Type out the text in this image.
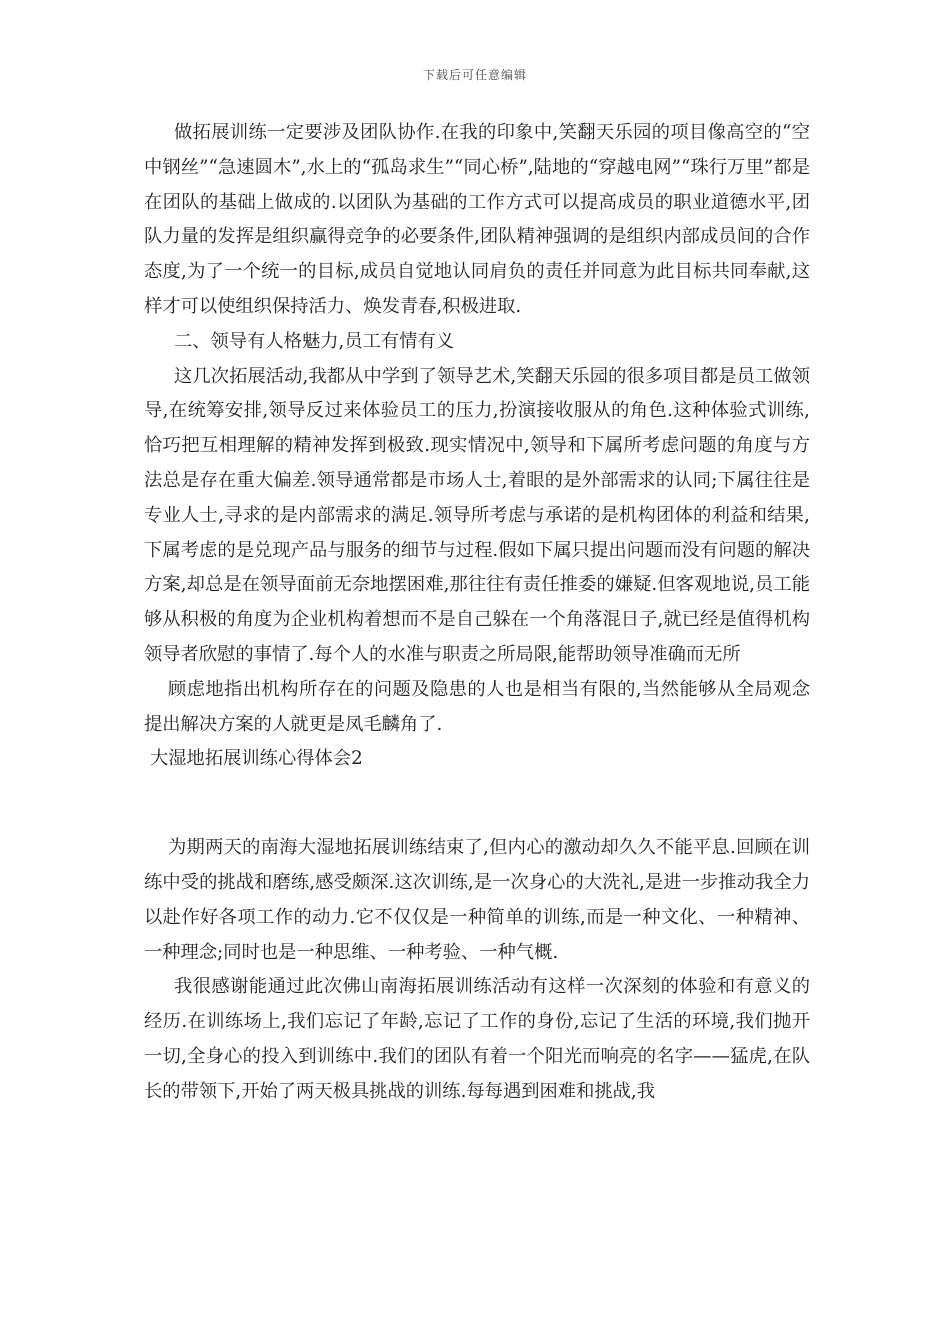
下载后可任意编辑

做拓展训练一定要涉及团队协作.在我的印象中,笑翻天乐园的项目像高空的“空中钢丝”“急速圆木”,水上的“孤岛求生”“同心桥”,陆地的“穿越电网”“珠行万里”都是在团队的基础上做成的.以团队为基础的工作方式可以提高成员的职业道德水平,团队力量的发挥是组织赢得竞争的必要条件,团队精神强调的是组织内部成员间的合作态度,为了一个统一的目标,成员自觉地认同肩负的责任并同意为此目标共同奉献,这样才可以使组织保持活力、焕发青春,积极进取.

二、领导有人格魅力,员工有情有义

这几次拓展活动,我都从中学到了领导艺术,笑翻天乐园的很多项目都是员工做领导,在统筹安排,领导反过来体验员工的压力,扮演接收服从的角色.这种体验式训练,恰巧把互相理解的精神发挥到极致.现实情况中,领导和下属所考虑问题的角度与方法总是存在重大偏差.领导通常都是市场人士,着眼的是外部需求的认同;下属往往是专业人士,寻求的是内部需求的满足.领导所考虑与承诺的是机构团体的利益和结果,下属考虑的是兑现产品与服务的细节与过程.假如下属只提出问题而没有问题的解决方案,却总是在领导面前无奈地摆困难,那往往有责任推委的嫌疑.但客观地说,员工能够从积极的角度为企业机构着想而不是自己躲在一个角落混日子,就已经是值得机构领导者欣慰的事情了.每个人的水准与职责之所局限,能帮助领导准确而无所

顾虑地指出机构所存在的问题及隐患的人也是相当有限的,当然能够从全局观念提出解决方案的人就更是凤毛麟角了.

大湿地拓展训练心得体会2

为期两天的南海大湿地拓展训练结束了,但内心的激动却久久不能平息.回顾在训练中受的挑战和磨练,感受颇深.这次训练,是一次身心的大洗礼,是进一步推动我全力以赴作好各项工作的动力.它不仅仅是一种简单的训练,而是一种文化、一种精神、一种理念;同时也是一种思维、一种考验、一种气概.

我很感谢能通过此次佛山南海拓展训练活动有这样一次深刻的体验和有意义的经历.在训练场上,我们忘记了年龄,忘记了工作的身份,忘记了生活的环境,我们抛开一切,全身心的投入到训练中.我们的团队有着一个阳光而响亮的名字——猛虎,在队长的带领下,开始了两天极具挑战的训练.每每遇到困难和挑战,我
